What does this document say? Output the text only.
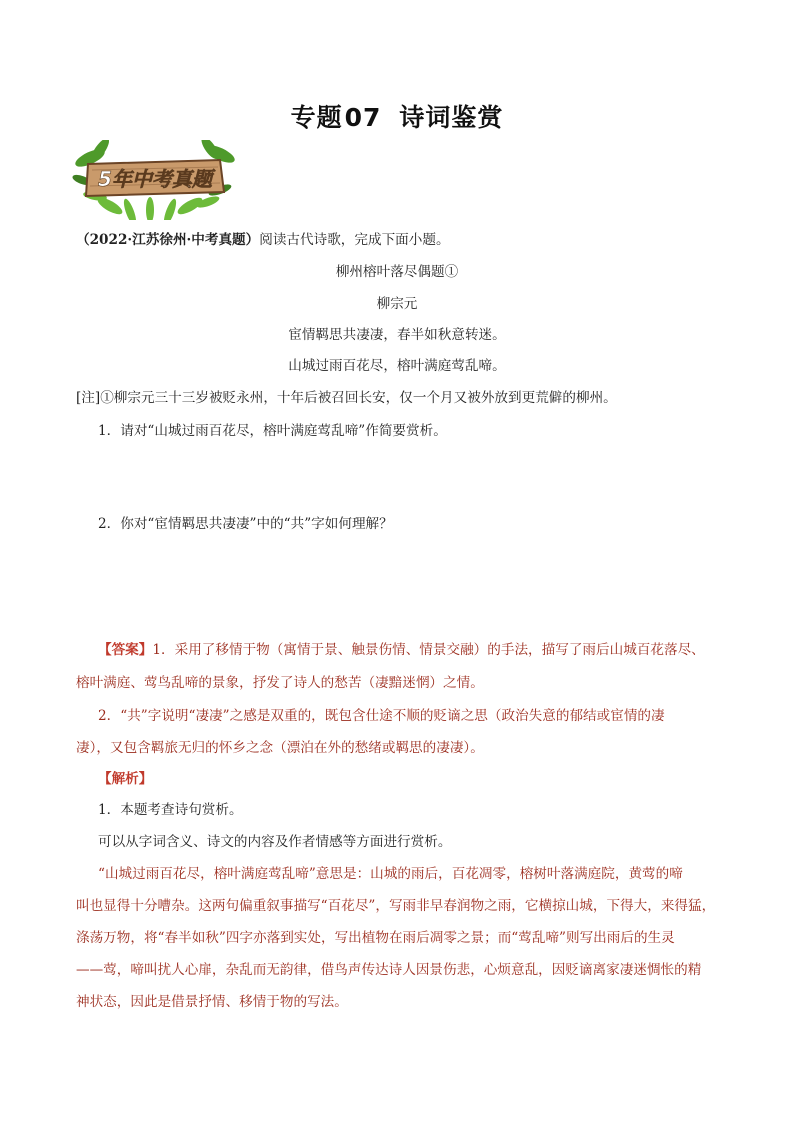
专题07 诗词鉴赏
5年中考真题
（2022·江苏徐州·中考真题）阅读古代诗歌，完成下面小题。
柳州榕叶落尽偶题①
柳宗元
宦情羁思共凄凄，春半如秋意转迷。
山城过雨百花尽，榕叶满庭莺乱啼。
[注]①柳宗元三十三岁被贬永州，十年后被召回长安，仅一个月又被外放到更荒僻的柳州。
1．请对“山城过雨百花尽，榕叶满庭莺乱啼”作简要赏析。
2．你对“宦情羁思共凄凄”中的“共”字如何理解？
【答案】1．采用了移情于物（寓情于景、触景伤情、情景交融）的手法，描写了雨后山城百花落尽、
榕叶满庭、莺鸟乱啼的景象，抒发了诗人的愁苦（凄黯迷惘）之情。
2．“共”字说明“凄凄”之感是双重的，既包含仕途不顺的贬谪之思（政治失意的郁结或宦情的凄
凄），又包含羁旅无归的怀乡之念（漂泊在外的愁绪或羁思的凄凄）。
【解析】
1．本题考查诗句赏析。
可以从字词含义、诗文的内容及作者情感等方面进行赏析。
“山城过雨百花尽，榕叶满庭莺乱啼”意思是：山城的雨后，百花凋零，榕树叶落满庭院，黄莺的啼
叫也显得十分嘈杂。这两句偏重叙事描写“百花尽”，写雨非早春润物之雨，它横掠山城，下得大，来得猛，
涤荡万物，将“春半如秋”四字亦落到实处，写出植物在雨后凋零之景；而“莺乱啼”则写出雨后的生灵
——莺，啼叫扰人心扉，杂乱而无韵律，借鸟声传达诗人因景伤悲，心烦意乱，因贬谪离家凄迷惆怅的精
神状态，因此是借景抒情、移情于物的写法。
